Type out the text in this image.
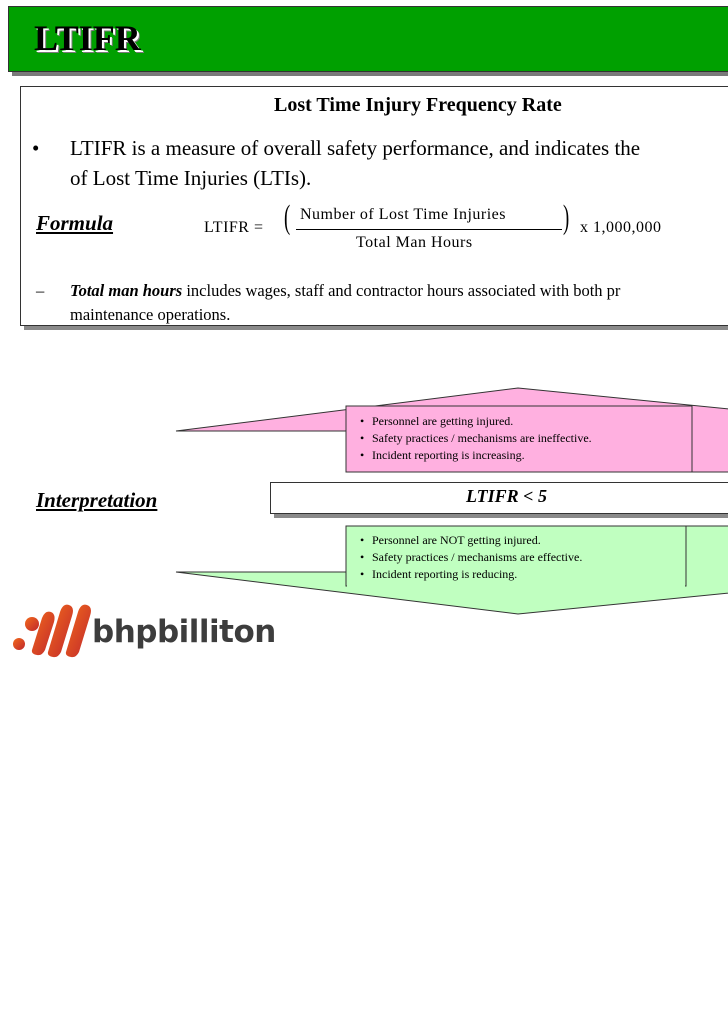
LTIFR
Lost Time Injury Frequency Rate
• LTIFR is a measure of overall safety performance, and indicates the
of Lost Time Injuries (LTIs).
Formula	LTIFR = ( Number of Lost Time Injuries
Total Man Hours
) x 1,000,000
– Total man hours includes wages, staff and contractor hours associated with both pr
maintenance operations.
• Personnel are getting injured.
• Safety practices / mechanisms are ineffective.
• Incident reporting is increasing.
Interpretation	LTIFR < 5
• Personnel are NOT getting injured.
• Safety practices / mechanisms are effective.
• Incident reporting is reducing.
bhpbilliton
